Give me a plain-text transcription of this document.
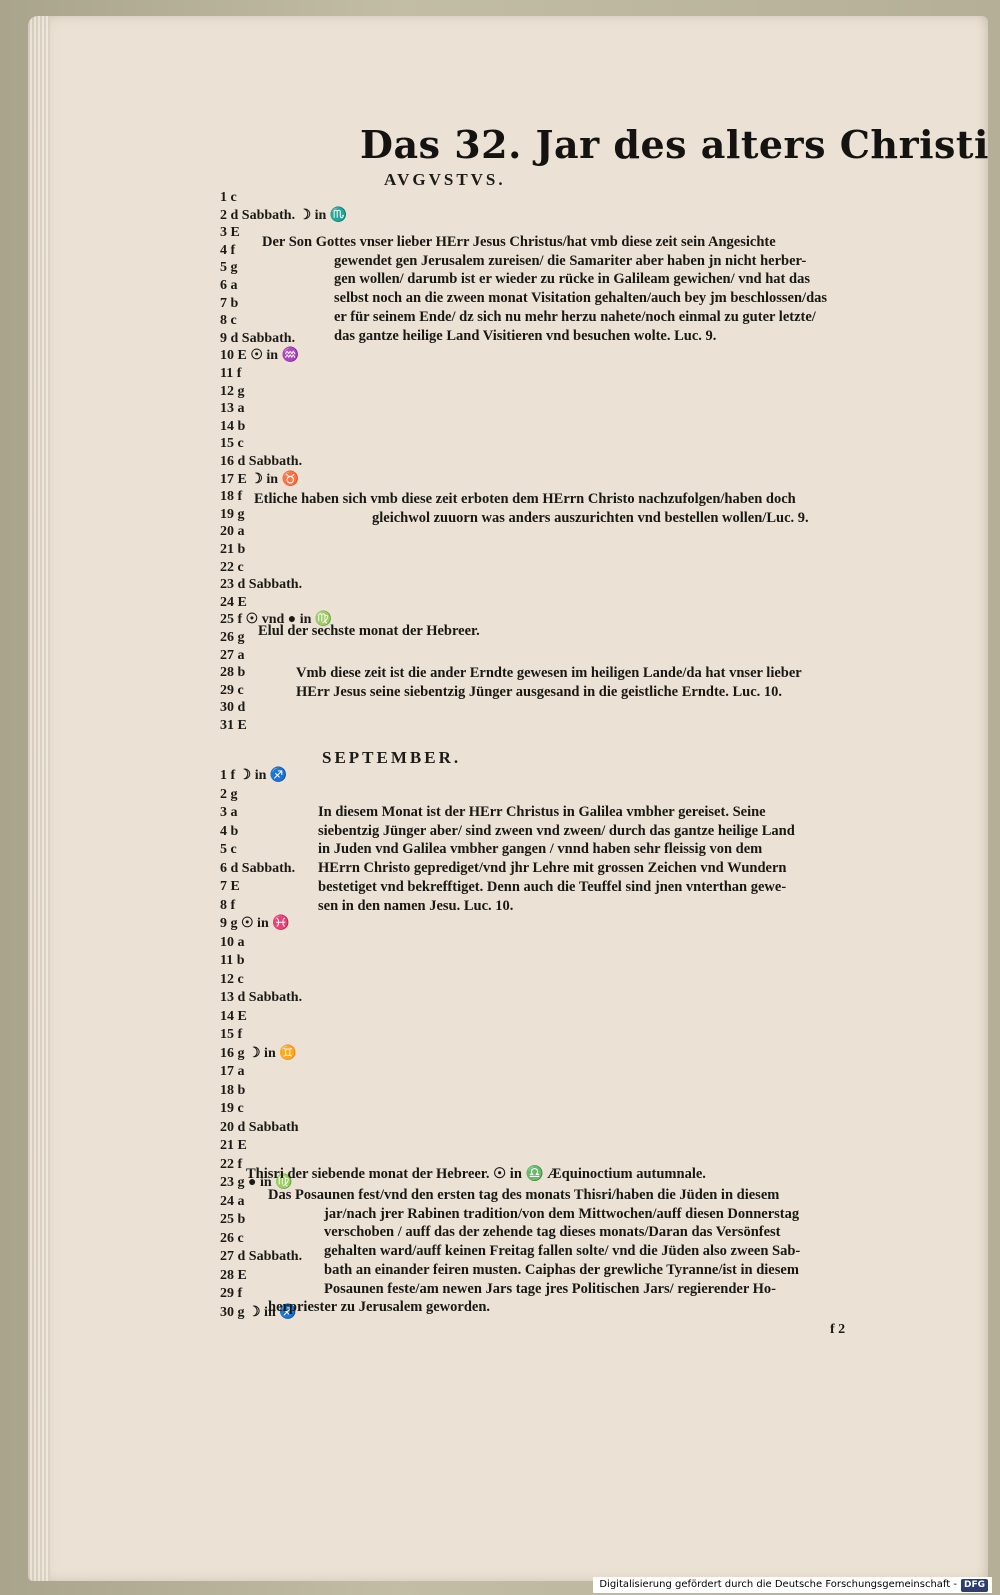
Das 32. Jar des alters Christi
AVGVSTVS.
1 c
2 d Sabbath. ☽ in ♏
3 E
4 f
5 g
6 a
7 b
8 c
9 d Sabbath.
10 E ☉ in ♒
11 f
12 g
13 a
14 b
15 c
16 d Sabbath.
17 E ☽ in ♉
18 f
19 g
20 a
21 b
22 c
23 d Sabbath.
24 E
25 f ☉ vnd ● in ♍
26 g
27 a
28 b
29 c
30 d
31 E

Der Son Gottes vnser lieber HErr Jesus Christus/hat vmb diese zeit sein Angesichte

gewendet gen Jerusalem zureisen/ die Samariter aber haben jn nicht herber-

gen wollen/ darumb ist er wieder zu rücke in Galileam gewichen/ vnd hat das

selbst noch an die zween monat Visitation gehalten/auch bey jm beschlossen/das

er für seinem Ende/ dz sich nu mehr herzu nahete/noch einmal zu guter letzte/

das gantze heilige Land Visitieren vnd besuchen wolte. Luc. 9.

Etliche haben sich vmb diese zeit erboten dem HErrn Christo nachzufolgen/haben doch

gleichwol zuuorn was anders auszurichten vnd bestellen wollen/Luc. 9.

Elul der sechste monat der Hebreer.

Vmb diese zeit ist die ander Erndte gewesen im heiligen Lande/da hat vnser lieber

HErr Jesus seine siebentzig Jünger ausgesand in die geistliche Erndte. Luc. 10.

SEPTEMBER.
1 f ☽ in ♐
2 g
3 a
4 b
5 c
6 d Sabbath.
7 E
8 f
9 g ☉ in ♓
10 a
11 b
12 c
13 d Sabbath.
14 E
15 f
16 g ☽ in ♊
17 a
18 b
19 c
20 d Sabbath
21 E
22 f
23 g ● in ♍
24 a
25 b
26 c
27 d Sabbath.
28 E
29 f
30 g ☽ in ♐

In diesem Monat ist der HErr Christus in Galilea vmbher gereiset. Seine

siebentzig Jünger aber/ sind zween vnd zween/ durch das gantze heilige Land

in Juden vnd Galilea vmbher gangen / vnnd haben sehr fleissig von dem

HErrn Christo geprediget/vnd jhr Lehre mit grossen Zeichen vnd Wundern

bestetiget vnd bekrefftiget. Denn auch die Teuffel sind jnen vnterthan gewe-

sen in den namen Jesu. Luc. 10.

Thisri der siebende monat der Hebreer. ☉ in ♎ Æquinoctium autumnale.

Das Posaunen fest/vnd den ersten tag des monats Thisri/haben die Jüden in diesem

jar/nach jrer Rabinen tradition/von dem Mittwochen/auff diesen Donnerstag

verschoben / auff das der zehende tag dieses monats/Daran das Versönfest

gehalten ward/auff keinen Freitag fallen solte/ vnd die Jüden also zween Sab-

bath an einander feiren musten. Caiphas der grewliche Tyranne/ist in diesem

Posaunen feste/am newen Jars tage jres Politischen Jars/ regierender Ho-

herpriester zu Jerusalem geworden.

f 2
Digitalisierung gefördert durch die Deutsche Forschungsgemeinschaft - DFG
